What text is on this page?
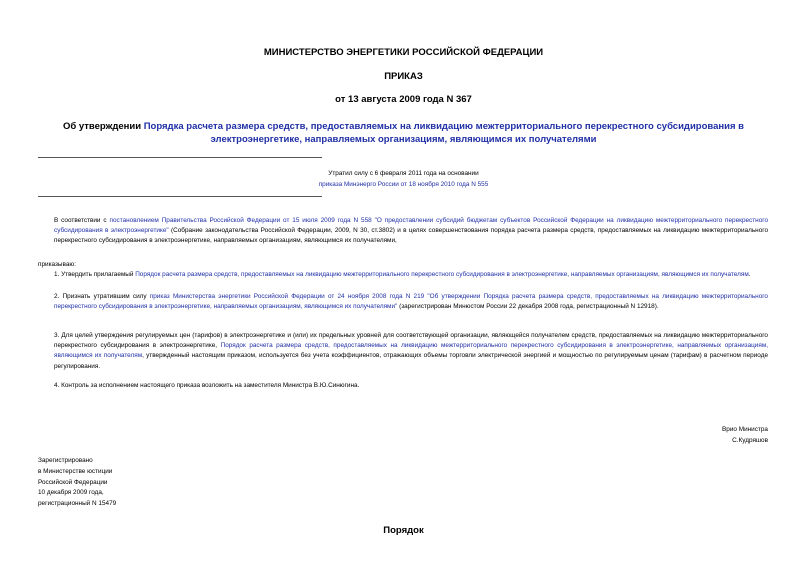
МИНИСТЕРСТВО ЭНЕРГЕТИКИ РОССИЙСКОЙ ФЕДЕРАЦИИ
ПРИКАЗ
от 13 августа 2009 года N 367
Об утверждении Порядка расчета размера средств, предоставляемых на ликвидацию межтерриториального перекрестного субсидирования в электроэнергетике, направляемых организациям, являющимся их получателями
Утратил силу с 6 февраля 2011 года на основании
приказа Минэнерго России от 18 ноября 2010 года N 555
В соответствии с постановлением Правительства Российской Федерации от 15 июля 2009 года N 558 "О предоставлении субсидий бюджетам субъектов Российской Федерации на ликвидацию межтерриториального перекрестного субсидирования в электроэнергетике" (Собрание законодательства Российской Федерации, 2009, N 30, ст.3802) и в целях совершенствования порядка расчета размера средств, предоставляемых на ликвидацию межтерриториального перекрестного субсидирования в электроэнергетике, направляемых организациям, являющимся их получателями,
приказываю:
1. Утвердить прилагаемый Порядок расчета размера средств, предоставляемых на ликвидацию межтерриториального перекрестного субсидирования в электроэнергетике, направляемых организациям, являющимся их получателям.
2. Признать утратившим силу приказ Министерства энергетики Российской Федерации от 24 ноября 2008 года N 219 "Об утверждении Порядка расчета размера средств, предоставляемых на ликвидацию межтерриториального перекрестного субсидирования в электроэнергетике, направляемых организациям, являющимся их получателями" (зарегистрирован Минюстом России 22 декабря 2008 года, регистрационный N 12918).
3. Для целей утверждения регулируемых цен (тарифов) в электроэнергетике и (или) их предельных уровней для соответствующей организации, являющейся получателем средств, предоставляемых на ликвидацию межтерриториального перекрестного субсидирования в электроэнергетике, Порядок расчета размера средств, предоставляемых на ликвидацию межтерриториального перекрестного субсидирования в электроэнергетике, направляемых организациям, являющимся их получателям, утвержденный настоящим приказом, используется без учета коэффициентов, отражающих объемы торговли электрической энергией и мощностью по регулируемым ценам (тарифам) в расчетном периоде регулирования.
4. Контроль за исполнением настоящего приказа возложить на заместителя Министра В.Ю.Синюгина.
Врио Министра
С.Кудряшов
Зарегистрировано
в Министерстве юстиции
Российской Федерации
10 декабря 2009 года,
регистрационный N 15479
Порядок
